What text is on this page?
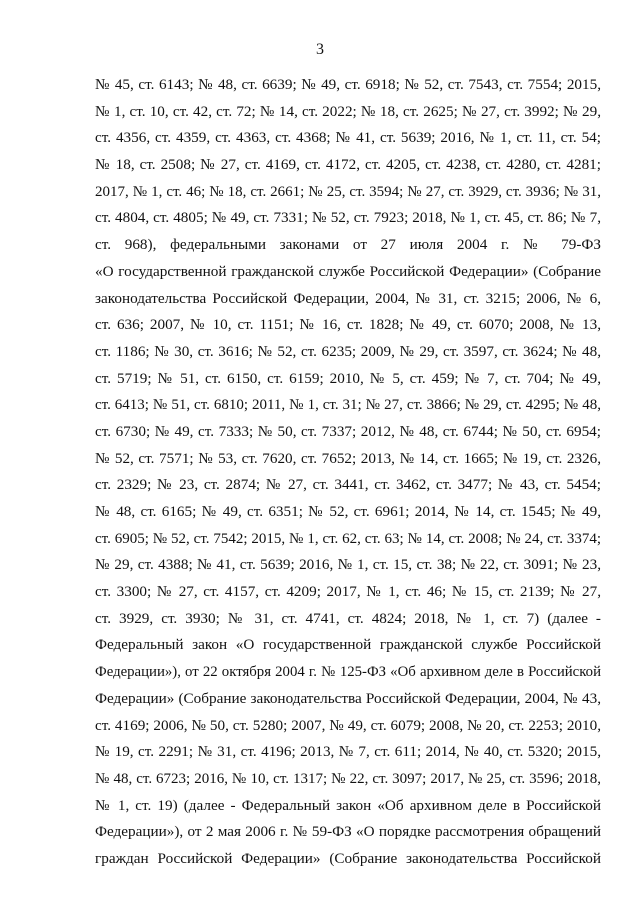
3
№ 45, ст. 6143; № 48, ст. 6639; № 49, ст. 6918; № 52, ст. 7543, ст. 7554; 2015,
№ 1, ст. 10, ст. 42, ст. 72; № 14, ст. 2022; № 18, ст. 2625; № 27, ст. 3992; № 29,
ст. 4356, ст. 4359, ст. 4363, ст. 4368; № 41, ст. 5639; 2016, № 1, ст. 11, ст. 54;
№ 18, ст. 2508; № 27, ст. 4169, ст. 4172, ст. 4205, ст. 4238, ст. 4280, ст. 4281;
2017, № 1, ст. 46; № 18, ст. 2661; № 25, ст. 3594; № 27, ст. 3929, ст. 3936; № 31,
ст. 4804, ст. 4805; № 49, ст. 7331; № 52, ст. 7923; 2018, № 1, ст. 45, ст. 86; № 7,
ст. 968), федеральными законами от 27 июля 2004 г. № 79-ФЗ
«О государственной гражданской службе Российской Федерации» (Собрание
законодательства Российской Федерации, 2004, № 31, ст. 3215; 2006, № 6,
ст. 636; 2007, № 10, ст. 1151; № 16, ст. 1828; № 49, ст. 6070; 2008, № 13,
ст. 1186; № 30, ст. 3616; № 52, ст. 6235; 2009, № 29, ст. 3597, ст. 3624; № 48,
ст. 5719; № 51, ст. 6150, ст. 6159; 2010, № 5, ст. 459; № 7, ст. 704; № 49,
ст. 6413; № 51, ст. 6810; 2011, № 1, ст. 31; № 27, ст. 3866; № 29, ст. 4295; № 48,
ст. 6730; № 49, ст. 7333; № 50, ст. 7337; 2012, № 48, ст. 6744; № 50, ст. 6954;
№ 52, ст. 7571; № 53, ст. 7620, ст. 7652; 2013, № 14, ст. 1665; № 19, ст. 2326,
ст. 2329; № 23, ст. 2874; № 27, ст. 3441, ст. 3462, ст. 3477; № 43, ст. 5454;
№ 48, ст. 6165; № 49, ст. 6351; № 52, ст. 6961; 2014, № 14, ст. 1545; № 49,
ст. 6905; № 52, ст. 7542; 2015, № 1, ст. 62, ст. 63; № 14, ст. 2008; № 24, ст. 3374;
№ 29, ст. 4388; № 41, ст. 5639; 2016, № 1, ст. 15, ст. 38; № 22, ст. 3091; № 23,
ст. 3300; № 27, ст. 4157, ст. 4209; 2017, № 1, ст. 46; № 15, ст. 2139; № 27,
ст. 3929, ст. 3930; № 31, ст. 4741, ст. 4824; 2018, № 1, ст. 7) (далее -
Федеральный закон «О государственной гражданской службе Российской
Федерации»), от 22 октября 2004 г. № 125-ФЗ «Об архивном деле в Российской
Федерации» (Собрание законодательства Российской Федерации, 2004, № 43,
ст. 4169; 2006, № 50, ст. 5280; 2007, № 49, ст. 6079; 2008, № 20, ст. 2253; 2010,
№ 19, ст. 2291; № 31, ст. 4196; 2013, № 7, ст. 611; 2014, № 40, ст. 5320; 2015,
№ 48, ст. 6723; 2016, № 10, ст. 1317; № 22, ст. 3097; 2017, № 25, ст. 3596; 2018,
№ 1, ст. 19) (далее - Федеральный закон «Об архивном деле в Российской
Федерации»), от 2 мая 2006 г. № 59-ФЗ «О порядке рассмотрения обращений
граждан Российской Федерации» (Собрание законодательства Российской
